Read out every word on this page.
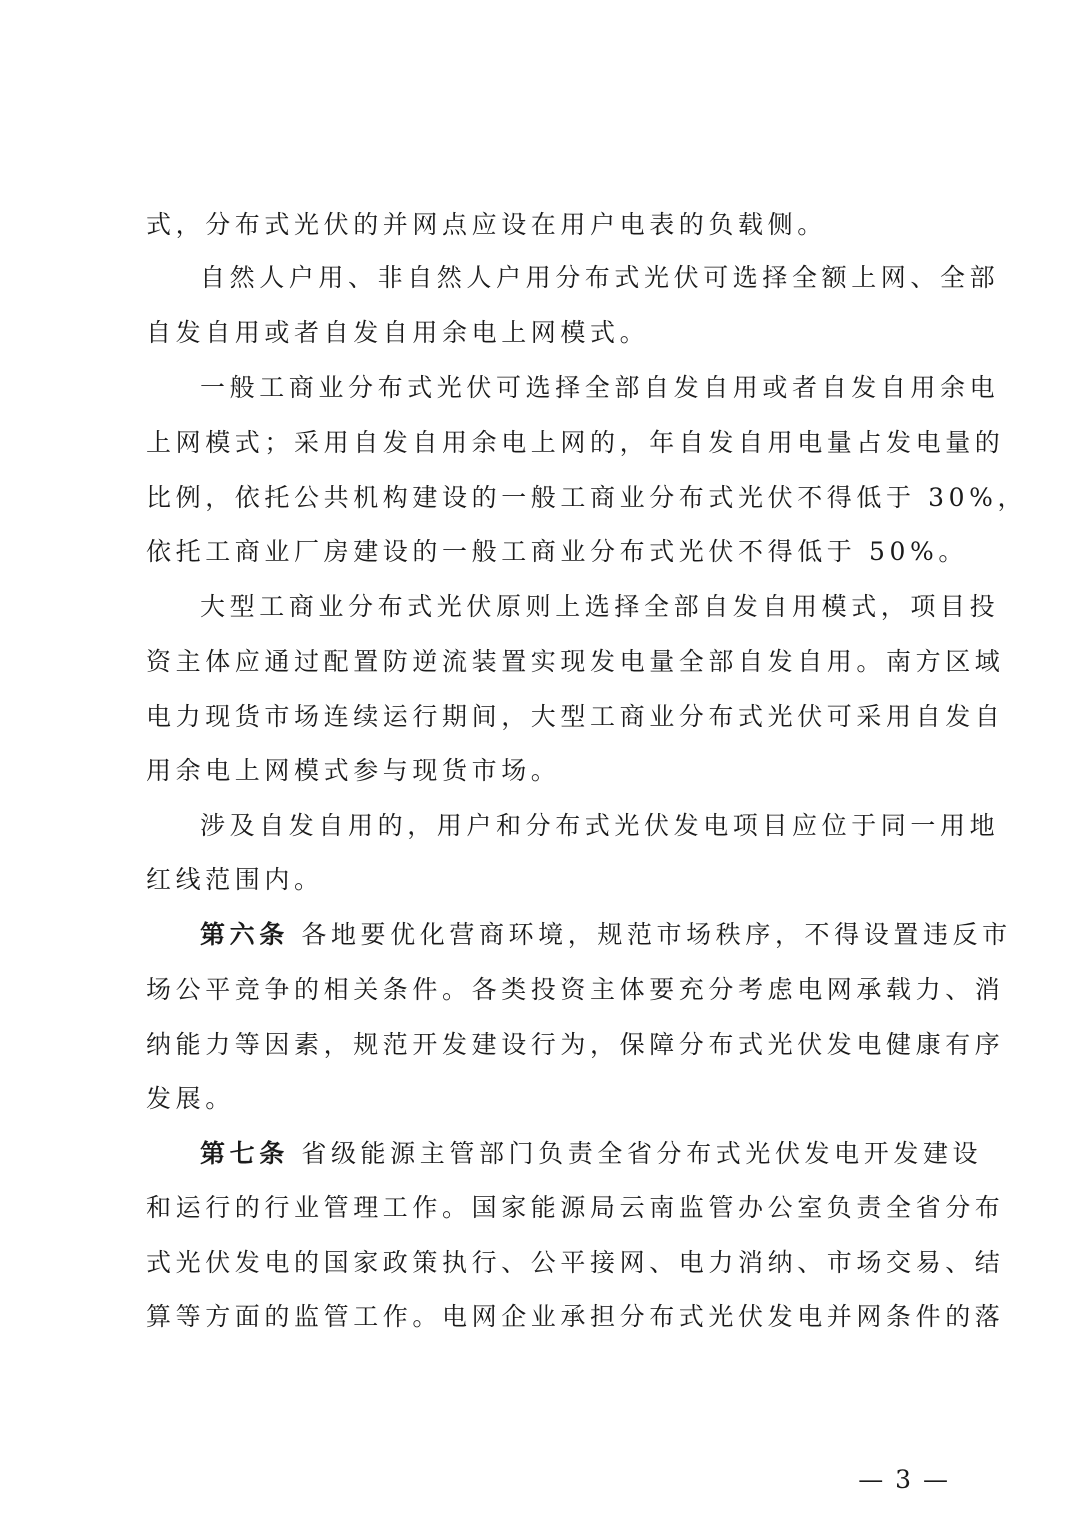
式，分布式光伏的并网点应设在用户电表的负载侧。
自然人户用、非自然人户用分布式光伏可选择全额上网、全部
自发自用或者自发自用余电上网模式。
一般工商业分布式光伏可选择全部自发自用或者自发自用余电
上网模式；采用自发自用余电上网的，年自发自用电量占发电量的
比例，依托公共机构建设的一般工商业分布式光伏不得低于 30%，
依托工商业厂房建设的一般工商业分布式光伏不得低于 50%。
大型工商业分布式光伏原则上选择全部自发自用模式，项目投
资主体应通过配置防逆流装置实现发电量全部自发自用。南方区域
电力现货市场连续运行期间，大型工商业分布式光伏可采用自发自
用余电上网模式参与现货市场。
涉及自发自用的，用户和分布式光伏发电项目应位于同一用地
红线范围内。
第六条 各地要优化营商环境，规范市场秩序，不得设置违反市
场公平竞争的相关条件。各类投资主体要充分考虑电网承载力、消
纳能力等因素，规范开发建设行为，保障分布式光伏发电健康有序
发展。
第七条 省级能源主管部门负责全省分布式光伏发电开发建设
和运行的行业管理工作。国家能源局云南监管办公室负责全省分布
式光伏发电的国家政策执行、公平接网、电力消纳、市场交易、结
算等方面的监管工作。电网企业承担分布式光伏发电并网条件的落
— 3 —
